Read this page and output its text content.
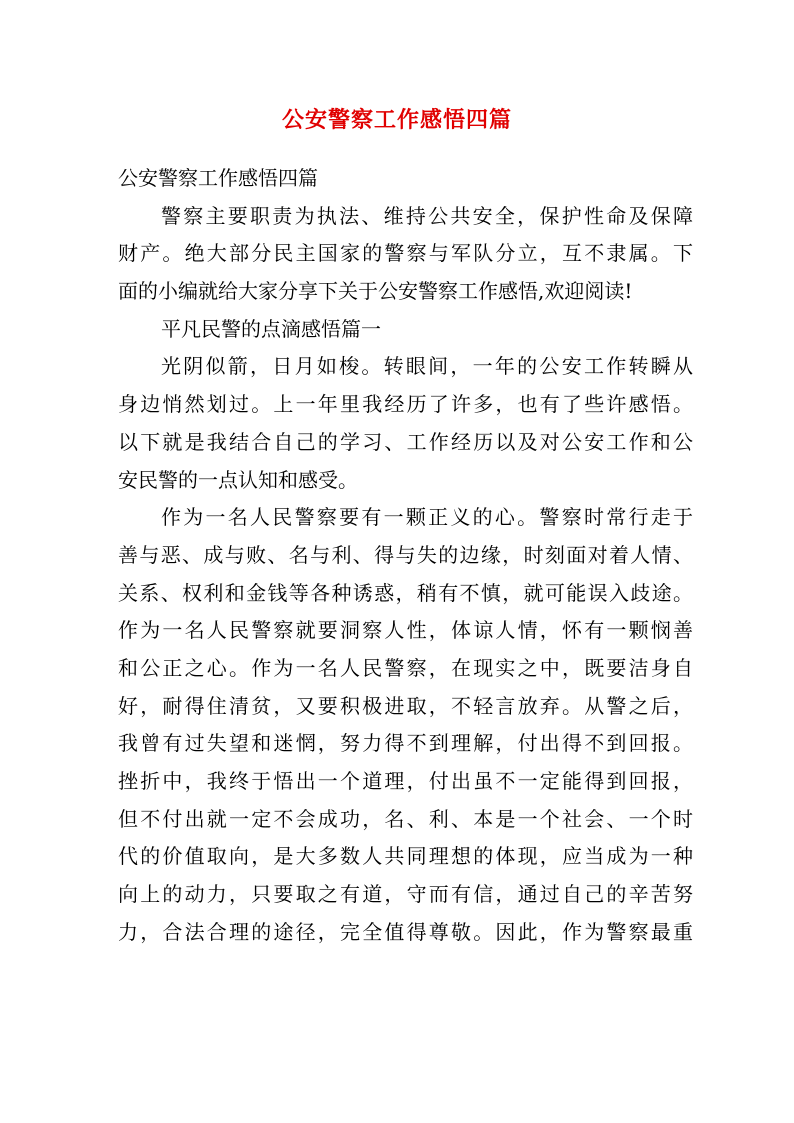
公安警察工作感悟四篇
公安警察工作感悟四篇
警察主要职责为执法、维持公共安全，保护性命及保障
财产。绝大部分民主国家的警察与军队分立，互不隶属。下
面的小编就给大家分享下关于公安警察工作感悟,欢迎阅读!
平凡民警的点滴感悟篇一
光阴似箭，日月如梭。转眼间，一年的公安工作转瞬从
身边悄然划过。上一年里我经历了许多，也有了些许感悟。
以下就是我结合自己的学习、工作经历以及对公安工作和公
安民警的一点认知和感受。
作为一名人民警察要有一颗正义的心。警察时常行走于
善与恶、成与败、名与利、得与失的边缘，时刻面对着人情、
关系、权利和金钱等各种诱惑，稍有不慎，就可能误入歧途。
作为一名人民警察就要洞察人性，体谅人情，怀有一颗悯善
和公正之心。作为一名人民警察，在现实之中，既要洁身自
好，耐得住清贫，又要积极进取，不轻言放弃。从警之后，
我曾有过失望和迷惘，努力得不到理解，付出得不到回报。
挫折中，我终于悟出一个道理，付出虽不一定能得到回报，
但不付出就一定不会成功，名、利、本是一个社会、一个时
代的价值取向，是大多数人共同理想的体现，应当成为一种
向上的动力，只要取之有道，守而有信，通过自己的辛苦努
力，合法合理的途径，完全值得尊敬。因此，作为警察最重
